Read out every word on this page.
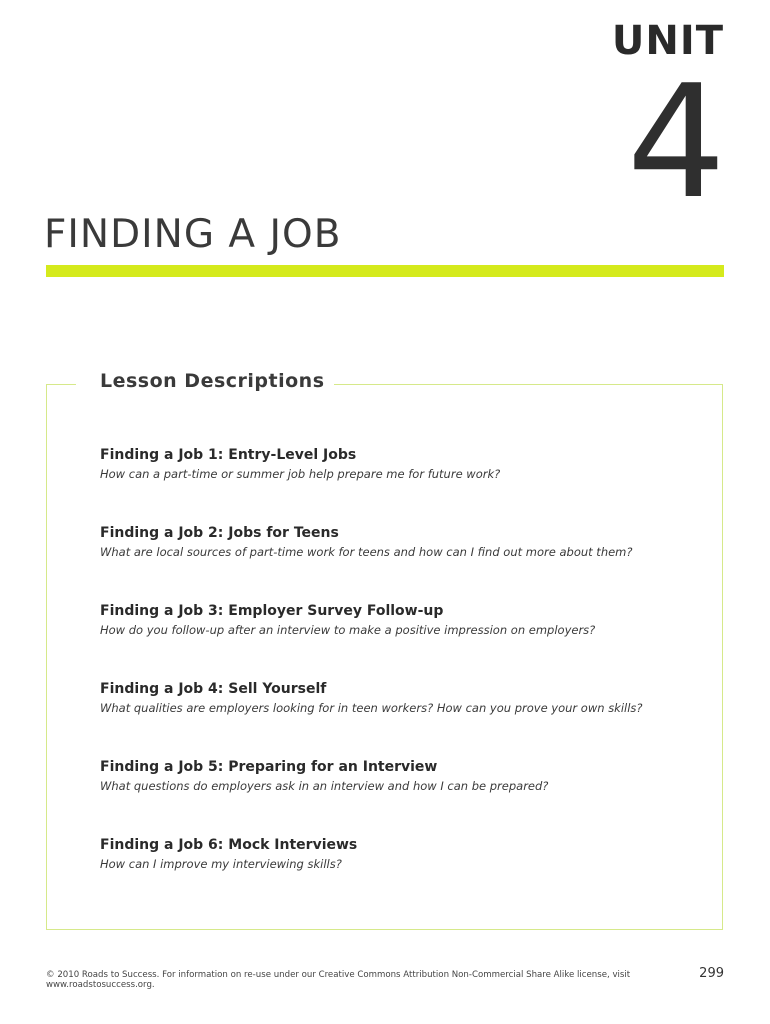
UNIT
4
FINDING A JOB
Lesson Descriptions

Finding a Job 1: Entry-Level Jobs

How can a part-time or summer job help prepare me for future work?

Finding a Job 2: Jobs for Teens

What are local sources of part-time work for teens and how can I find out more about them?

Finding a Job 3: Employer Survey Follow-up

How do you follow-up after an interview to make a positive impression on employers?

Finding a Job 4: Sell Yourself

What qualities are employers looking for in teen workers? How can you prove your own skills?

Finding a Job 5: Preparing for an Interview

What questions do employers ask in an interview and how I can be prepared?

Finding a Job 6: Mock Interviews

How can I improve my interviewing skills?

© 2010 Roads to Success. For information on re-use under our Creative Commons Attribution Non-Commercial Share Alike license, visit www.roadstosuccess.org.
299
